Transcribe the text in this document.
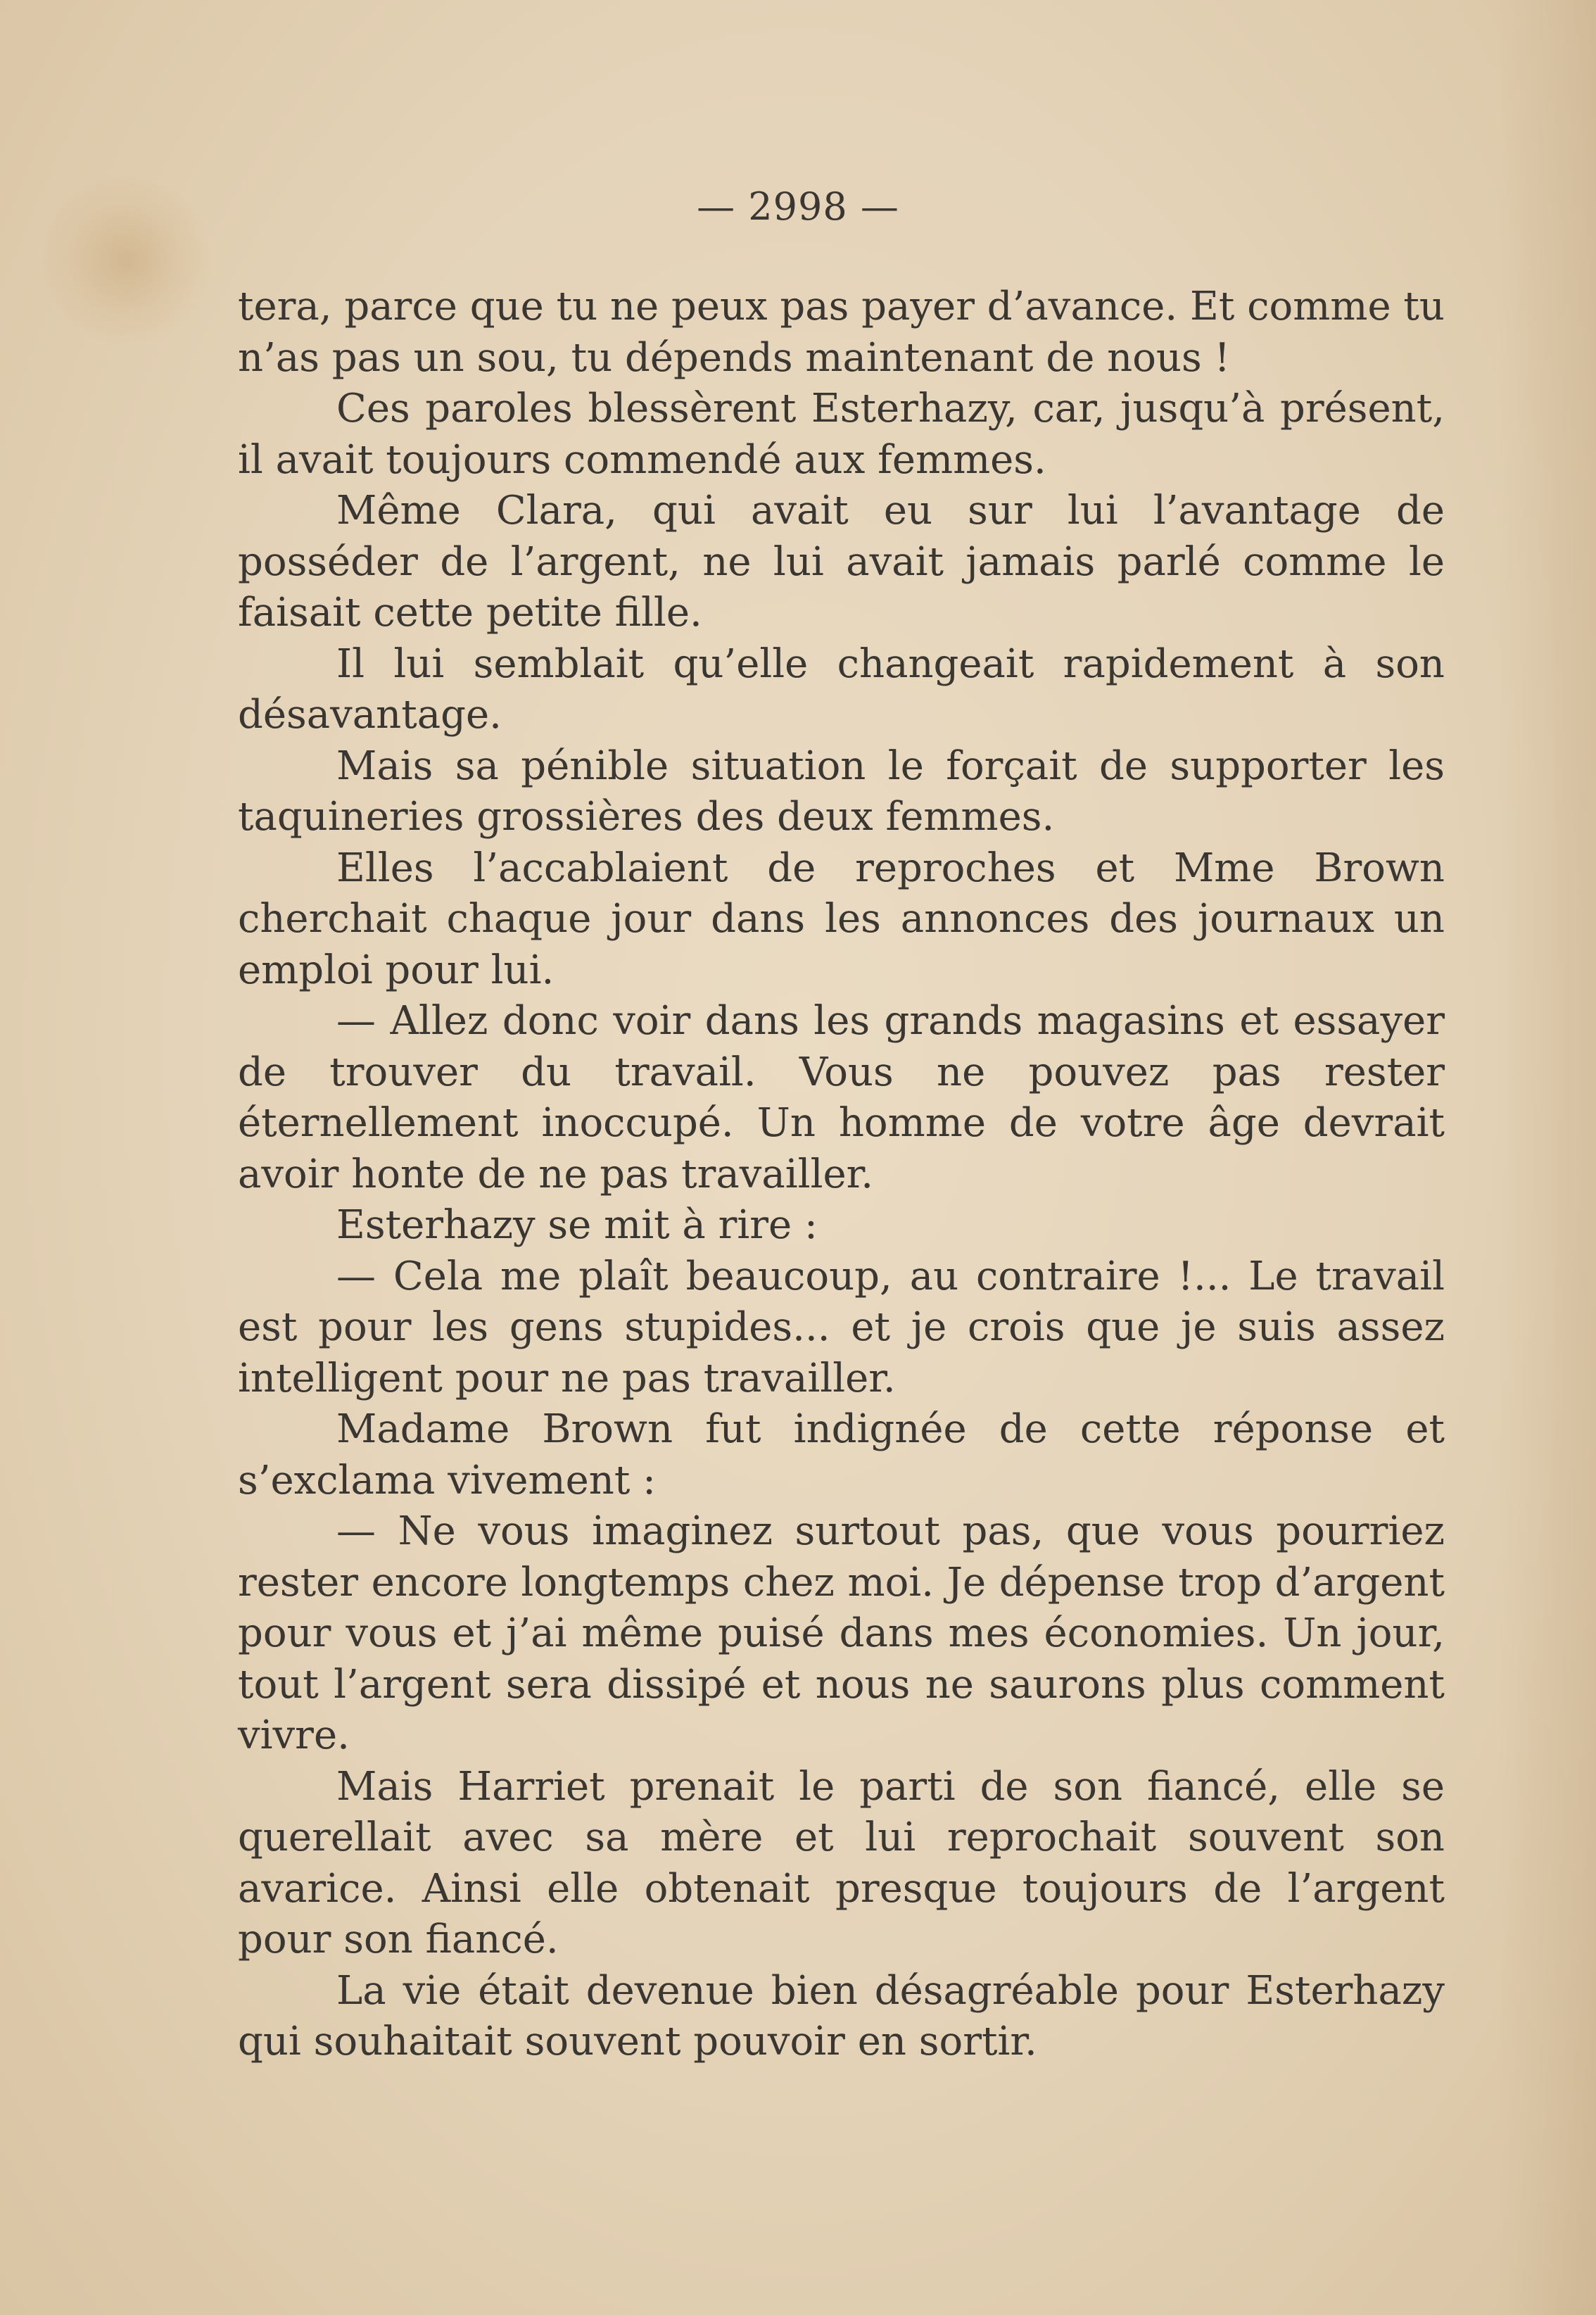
— 2998 —

tera, parce que tu ne peux pas payer d’avance. Et comme tu n’as pas un sou, tu dépends maintenant de nous !

Ces paroles blessèrent Esterhazy, car, jusqu’à présent, il avait toujours commendé aux femmes.

Même Clara, qui avait eu sur lui l’avantage de posséder de l’argent, ne lui avait jamais parlé comme le faisait cette petite fille.

Il lui semblait qu’elle changeait rapidement à son désavantage.

Mais sa pénible situation le forçait de supporter les taquineries grossières des deux femmes.

Elles l’accablaient de reproches et Mme Brown cherchait chaque jour dans les annonces des journaux un emploi pour lui.

— Allez donc voir dans les grands magasins et essayer de trouver du travail. Vous ne pouvez pas rester éternellement inoccupé. Un homme de votre âge devrait avoir honte de ne pas travailler.

Esterhazy se mit à rire :

— Cela me plaît beaucoup, au contraire !... Le travail est pour les gens stupides... et je crois que je suis assez intelligent pour ne pas travailler.

Madame Brown fut indignée de cette réponse et s’exclama vivement :

— Ne vous imaginez surtout pas, que vous pourriez rester encore longtemps chez moi. Je dépense trop d’argent pour vous et j’ai même puisé dans mes économies. Un jour, tout l’argent sera dissipé et nous ne saurons plus comment vivre.

Mais Harriet prenait le parti de son fiancé, elle se querellait avec sa mère et lui reprochait souvent son avarice. Ainsi elle obtenait presque toujours de l’argent pour son fiancé.

La vie était devenue bien désagréable pour Esterhazy qui souhaitait souvent pouvoir en sortir.
